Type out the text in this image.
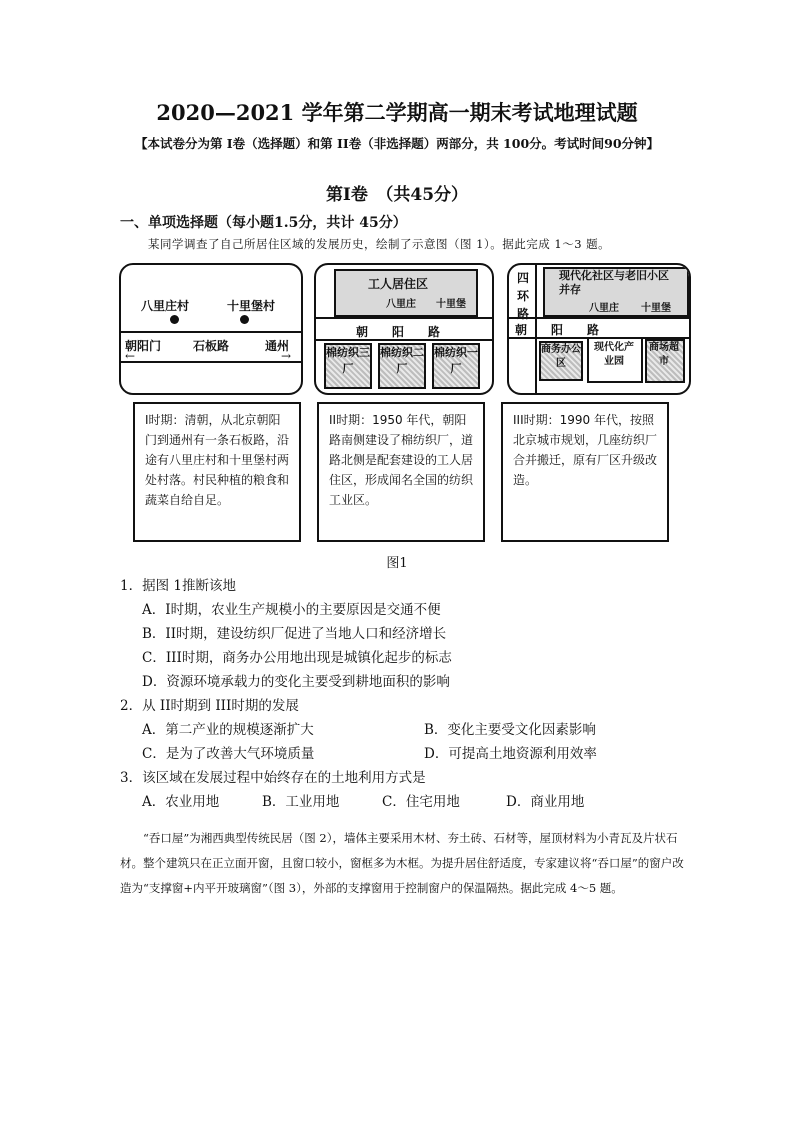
2020—2021 学年第二学期高一期末考试地理试题
【本试卷分为第 I卷（选择题）和第 II卷（非选择题）两部分，共 100分。考试时间90分钟】
第I卷　（共45分）
一、单项选择题（每小题1.5分，共计 45分）
某同学调查了自己所居住区域的发展历史，绘制了示意图（图 1）。据此完成 1～3 题。
八里庄村	十里堡村
朝阳门	石板路	通州
←	→
工人居住区
八里庄 十里堡
朝　　阳　　路
棉纺织三厂
棉纺织二厂
棉纺织一厂
四环路
现代化社区与老旧小区并存
八里庄 十里堡
朝　　阳　　路
商务办公区
现代化产业园
商场超市
I时期：清朝，从北京朝阳门到通州有一条石板路，沿途有八里庄村和十里堡村两处村落。村民种植的粮食和蔬菜自给自足。
II时期：1950 年代，朝阳路南侧建设了棉纺织厂，道路北侧是配套建设的工人居住区，形成闻名全国的纺织工业区。
III时期：1990 年代，按照北京城市规划，几座纺织厂合并搬迁，原有厂区升级改造。
图1
1．据图 1推断该地
A．I时期，农业生产规模小的主要原因是交通不便
B．II时期，建设纺织厂促进了当地人口和经济增长
C．III时期，商务办公用地出现是城镇化起步的标志
D．资源环境承载力的变化主要受到耕地面积的影响
2．从 II时期到 III时期的发展
A．第二产业的规模逐渐扩大	B．变化主要受文化因素影响
C．是为了改善大气环境质量	D．可提高土地资源利用效率
3．该区域在发展过程中始终存在的土地利用方式是
A．农业用地	B．工业用地	C．住宅用地	D．商业用地
“吞口屋”为湘西典型传统民居（图 2），墙体主要采用木材、夯土砖、石材等，屋顶材料为小青瓦及片状石材。整个建筑只在正立面开窗，且窗口较小，窗框多为木框。为提升居住舒适度，专家建议将“吞口屋”的窗户改造为“支撑窗+内平开玻璃窗”（图 3），外部的支撑窗用于控制窗户的保温隔热。据此完成 4～5 题。
